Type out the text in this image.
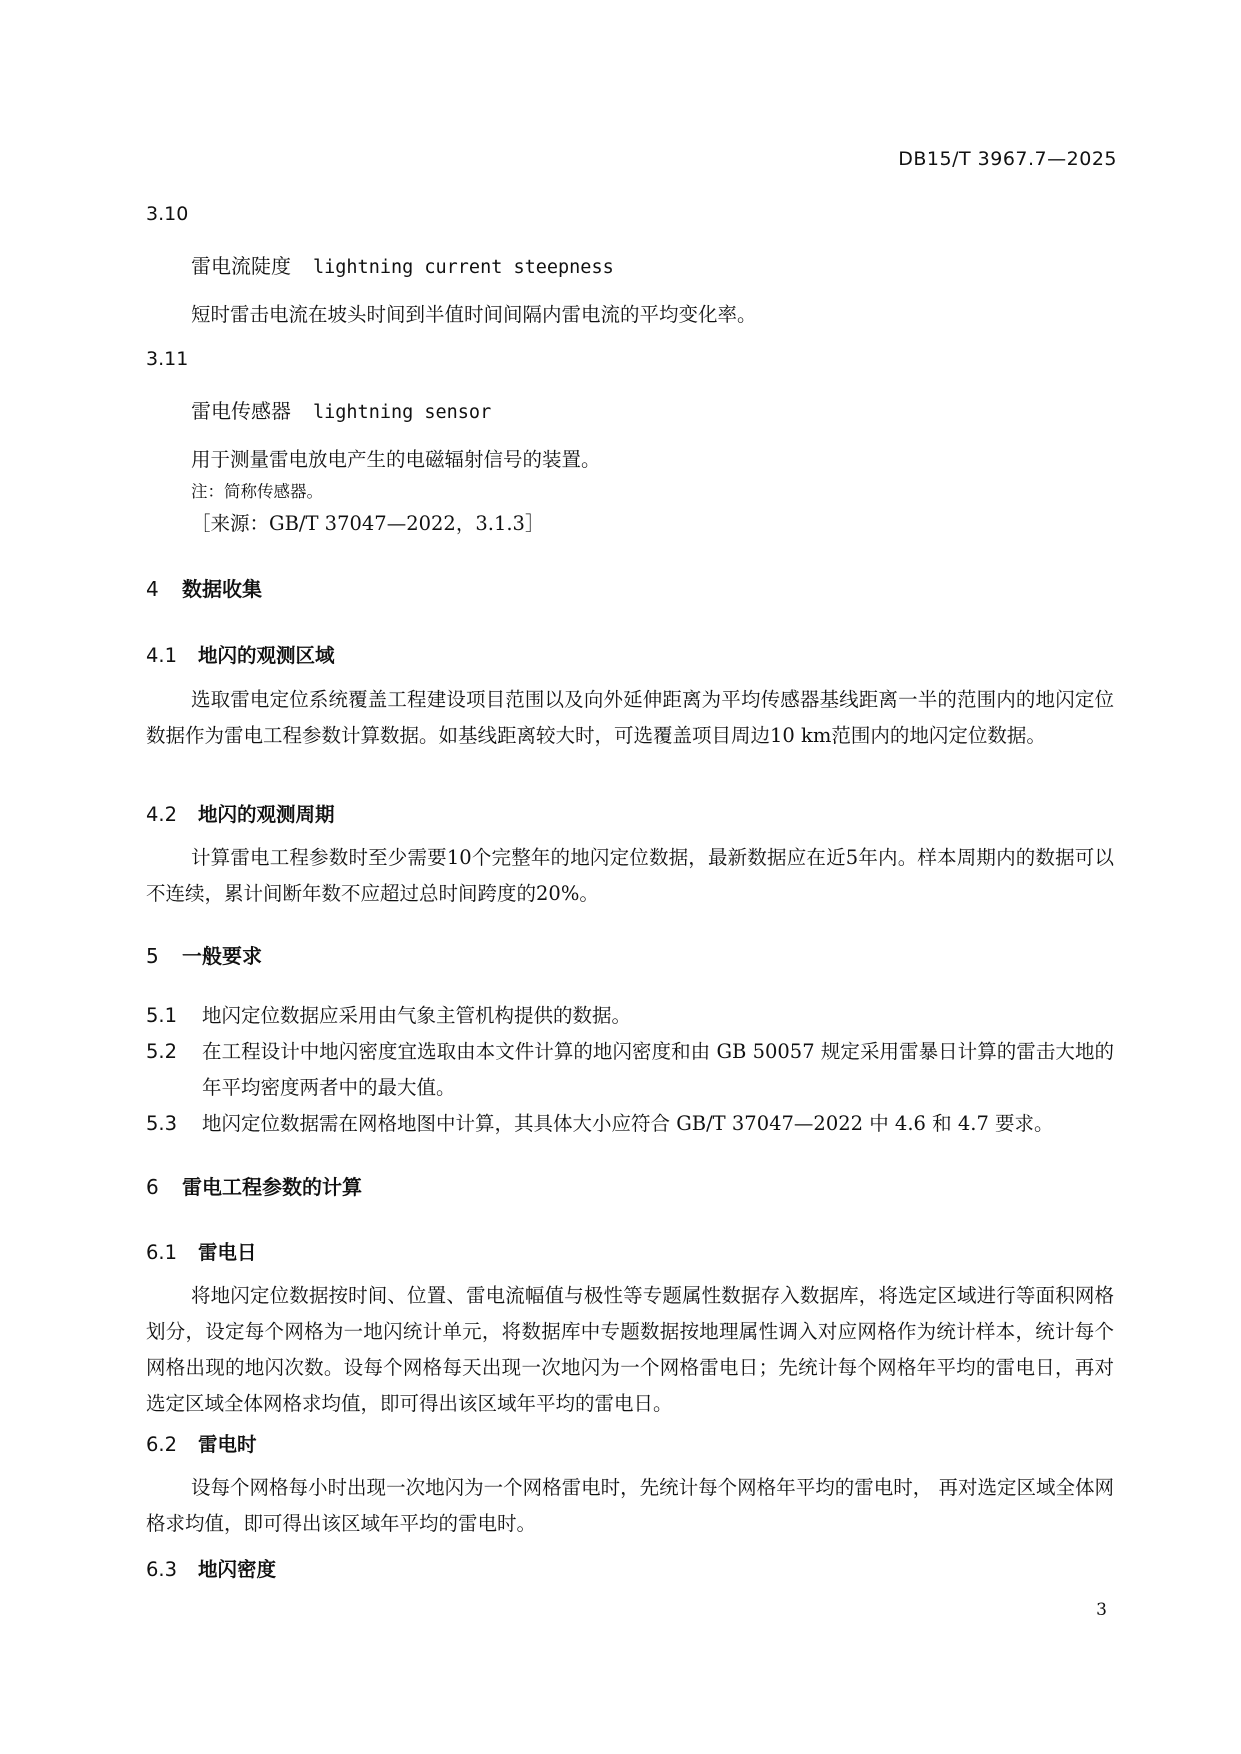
DB15/T 3967.7—2025
3.10
雷电流陡度 lightning current steepness
短时雷击电流在坡头时间到半值时间间隔内雷电流的平均变化率。
3.11
雷电传感器 lightning sensor
用于测量雷电放电产生的电磁辐射信号的装置。
注：简称传感器。
［来源：GB/T 37047—2022，3.1.3］
4 数据收集
4.1 地闪的观测区域
选取雷电定位系统覆盖工程建设项目范围以及向外延伸距离为平均传感器基线距离一半的范围内的地闪定位数据作为雷电工程参数计算数据。如基线距离较大时，可选覆盖项目周边10 km范围内的地闪定位数据。
4.2 地闪的观测周期
计算雷电工程参数时至少需要10个完整年的地闪定位数据，最新数据应在近5年内。样本周期内的数据可以不连续，累计间断年数不应超过总时间跨度的20%。
5 一般要求
5.1 地闪定位数据应采用由气象主管机构提供的数据。
5.2 在工程设计中地闪密度宜选取由本文件计算的地闪密度和由 GB 50057 规定采用雷暴日计算的雷击大地的年平均密度两者中的最大值。
5.3 地闪定位数据需在网格地图中计算，其具体大小应符合 GB/T 37047—2022 中 4.6 和 4.7 要求。
6 雷电工程参数的计算
6.1 雷电日
将地闪定位数据按时间、位置、雷电流幅值与极性等专题属性数据存入数据库，将选定区域进行等面积网格划分，设定每个网格为一地闪统计单元，将数据库中专题数据按地理属性调入对应网格作为统计样本，统计每个网格出现的地闪次数。设每个网格每天出现一次地闪为一个网格雷电日；先统计每个网格年平均的雷电日，再对选定区域全体网格求均值，即可得出该区域年平均的雷电日。
6.2 雷电时
设每个网格每小时出现一次地闪为一个网格雷电时，先统计每个网格年平均的雷电时， 再对选定区域全体网格求均值，即可得出该区域年平均的雷电时。
6.3 地闪密度
3
